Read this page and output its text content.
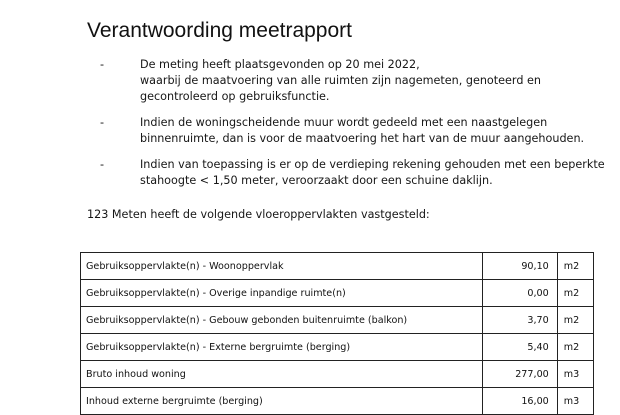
Verantwoording meetrapport
-	De meting heeft plaatsgevonden op 20 mei 2022,
waarbij de maatvoering van alle ruimten zijn nagemeten, genoteerd en
gecontroleerd op gebruiksfunctie.
-	Indien de woningscheidende muur wordt gedeeld met een naastgelegen
binnenruimte, dan is voor de maatvoering het hart van de muur aangehouden.
-	Indien van toepassing is er op de verdieping rekening gehouden met een beperkte
stahoogte < 1,50 meter, veroorzaakt door een schuine daklijn.
123 Meten heeft de volgende vloeroppervlakten vastgesteld:
Gebruiksoppervlakte(n) - Woonoppervlak	90,10	m2
Gebruiksoppervlakte(n) - Overige inpandige ruimte(n)	0,00	m2
Gebruiksoppervlakte(n) - Gebouw gebonden buitenruimte (balkon)	3,70	m2
Gebruiksoppervlakte(n) - Externe bergruimte (berging)	5,40	m2
Bruto inhoud woning	277,00	m3
Inhoud externe bergruimte (berging)	16,00	m3
